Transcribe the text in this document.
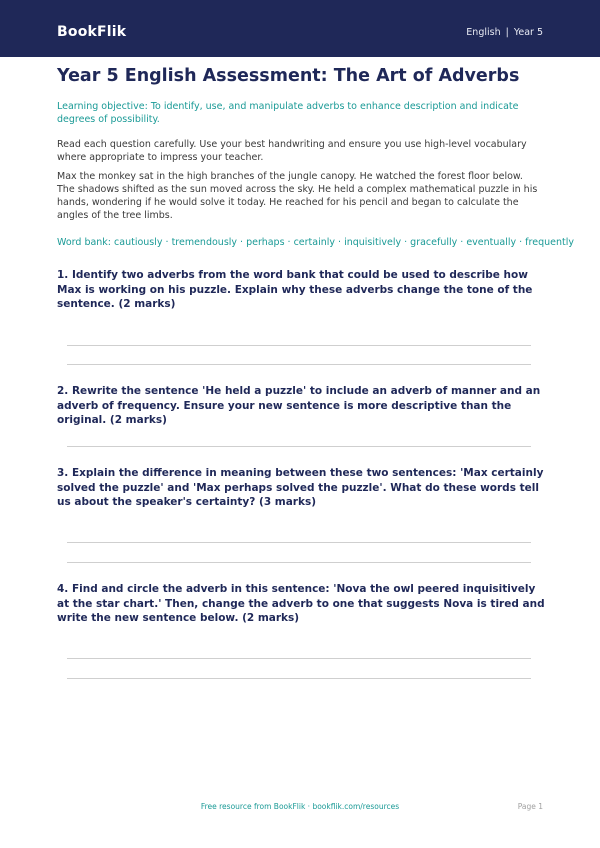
BookFlik	English | Year 5
Year 5 English Assessment: The Art of Adverbs
Learning objective: To identify, use, and manipulate adverbs to enhance description and indicate degrees of possibility.
Read each question carefully. Use your best handwriting and ensure you use high-level vocabulary where appropriate to impress your teacher.
Max the monkey sat in the high branches of the jungle canopy. He watched the forest floor below. The shadows shifted as the sun moved across the sky. He held a complex mathematical puzzle in his hands, wondering if he would solve it today. He reached for his pencil and began to calculate the angles of the tree limbs.
Word bank: cautiously · tremendously · perhaps · certainly · inquisitively · gracefully · eventually · frequently
1. Identify two adverbs from the word bank that could be used to describe how Max is working on his puzzle. Explain why these adverbs change the tone of the sentence. (2 marks)
2. Rewrite the sentence 'He held a puzzle' to include an adverb of manner and an adverb of frequency. Ensure your new sentence is more descriptive than the original. (2 marks)
3. Explain the difference in meaning between these two sentences: 'Max certainly solved the puzzle' and 'Max perhaps solved the puzzle'. What do these words tell us about the speaker's certainty? (3 marks)
4. Find and circle the adverb in this sentence: 'Nova the owl peered inquisitively at the star chart.' Then, change the adverb to one that suggests Nova is tired and write the new sentence below. (2 marks)
Free resource from BookFlik · bookflik.com/resources	Page 1
